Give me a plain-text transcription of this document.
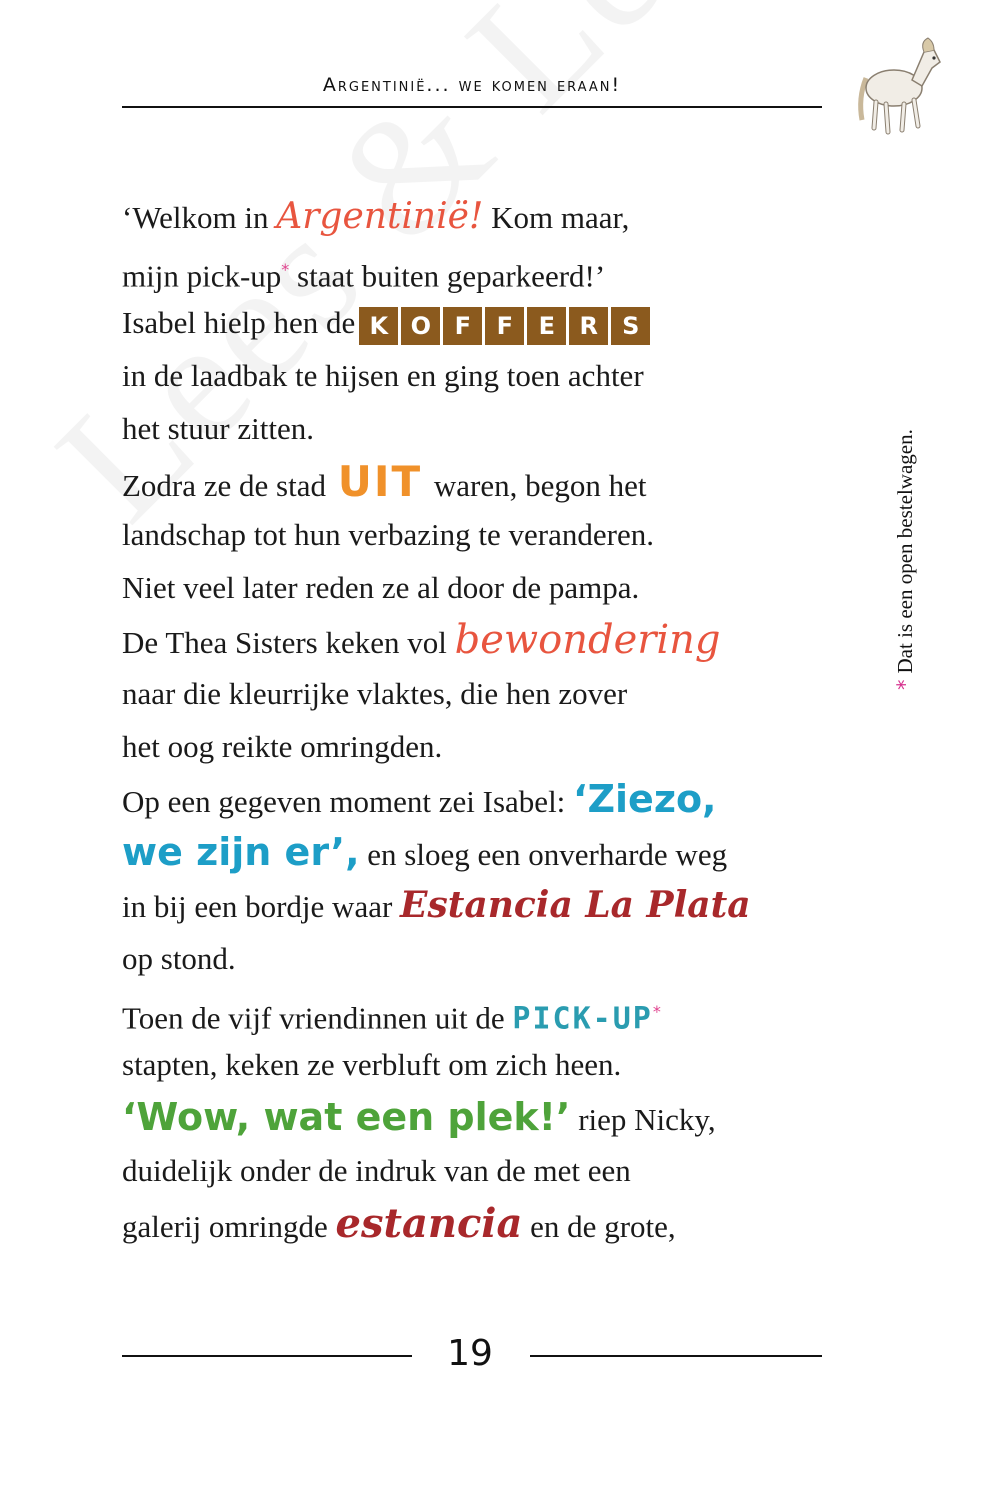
Argentinië... we komen eraan!
*Dat is een open bestelwagen.
‘Welkom in Argentinië! Kom maar,
mijn pick-up* staat buiten geparkeerd!’
Isabel hielp hen de K O F	F	E	R	S
in de laadbak te hijsen en ging toen achter
het stuur zitten.
Zodra ze de stad UIT waren, begon het
landschap tot hun verbazing te veranderen.
Niet veel later reden ze al door de pampa.
De Thea Sisters keken vol bewondering
naar die kleurrijke vlaktes, die hen zover
het oog reikte omringden.
Op een gegeven moment zei Isabel: ‘Ziezo,
we zijn er’, en sloeg een onverharde weg
in bij een bordje waar Estancia La Plata
op stond.
Toen de vijf vriendinnen uit de PICK-UP*
stapten, keken ze verbluft om zich heen.
‘Wow, wat een plek!’ riep Nicky,
duidelijk onder de indruk van de met een
galerij omringde estancia en de grote,
19
